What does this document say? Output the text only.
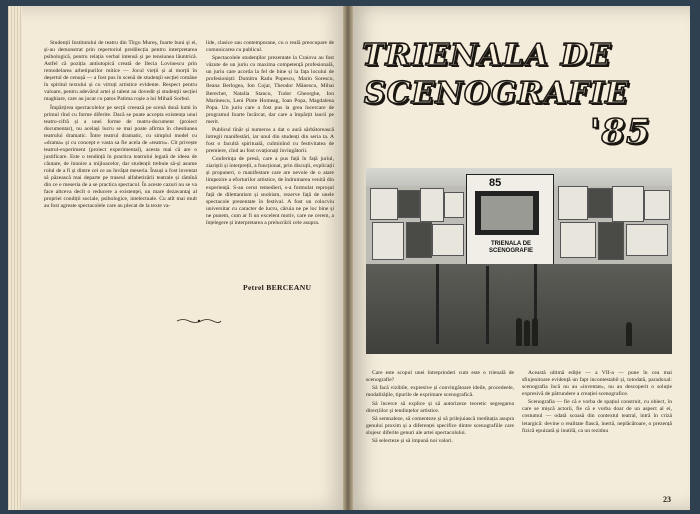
Studenții Institutului de teatru din Tîrgu Mureș, foarte buni și ei, și-au demonstrat prin repertoriul predilecția pentru interpretarea psihologică, pentru relația verbal intensă și pe tensiunea lăuntrică. Astfel că poziția antiutopică creată de Ilecia Lovinescu prin remodelarea arhetipurilor mitice — Jocul vieții și al morții în deșertul de cenușă — a fost pus în scenă de studenții secției române în spiritul textului și cu virtuți artistice evidente. Respect pentru valoare, pentru adevărul artei și talent au dovedit și studenții secției maghiare, care au jucat cu patos Patima roșie a lui Mihail Sorbul.

Împărțirea spectacolelor pe secții creează pe scenă două lumi în primul rînd cu forme diferite. Dacă se poate accepta existența unui teatru-cifră și a unei forme de teatru-document (proiect documentar), nu același lucru se mai poate afirma în chestiunea teatrului dramatic. Între teatrul dramatic, cu simplul model cu «drama» și cu concept e vasta sa fie acela de «teatru». Cît privește teatrul-experiment (proiect experimental), acesta mai că are o justificare. Este o tendință în practica teatrului legată de ideea de căutare, de înnoire a mijloacelor, dar studenții trebuie să-și asume rolul de a fi și dintre cei ce au învățat meseria. Însuși a fost inventat să păzească mai departe pe traseul alfabetizării teatrale și rămînă din ce e meseria de a se practica spectacol. În aceste cazuri nu se va face altceva decît o reducere a existenței, un mare dezavantaj al propriei condiții sociale, psihologice, intelectuale. Cu atît mai mult au fost agreate spectacolele care au plecat de la texte va-

lide, clasice sau contemporane, cu o reală preocupare de comunicarea cu publicul.

Spectacolele studenților prezentate la Craiova au fost văzute de un juriu cu maxima competență profesională, un juriu care acorda la fel de bine și la fața locului de profesioniști: Dumitru Radu Popescu, Marin Sorescu, Ileana Berlogea, Ion Cojar, Theodor Mănescu, Mihai Berechet, Natalia Stancu, Tudor Gheorghe, Ion Marinescu, Leni Pinte Homeag, Ioan Popa, Magdalena Popa. Un juriu care a fost pus la grea încercare de programul foarte încărcat, dar care a împărțit laurii pe merit.

Publicul tînăr și numeros a dat o aură sărbătorească întregii manifestări, iar unul din studenți din seria ta. A fost o facultă spirituală, culminînd cu festivitatea de premiere, cînd au fost ovaționați învingătorii.

Conferința de presă, care a pus față în față juriul, ziariștii și interpreții, a funcționat, prin discuții, explicații și propuneri, o manifestare care are nevoie de o atare limpezire a eforturilor artistice, de îndrumarea venită din experiență. S-au cerut remedieri, s-a formulat reproșul față de dilettantism și snobism, rezerve față de unele spectacole prezentate în festival. A fost un colocviu universitar cu caracter de lucru, căruia ne pe loc bine și ne punem, cum ar fi un excelent motiv, care ne cerem, a înțelegere și interpretarea a prelucrării cele asupra.

Petrel BERCEANU
TRIENALA DE
SCENOGRAFIE
'85
85
TRIENALA DE SCENOGRAFIE

Care este scopul unei întreprinderi cum este o trienală de scenografie?

Să facă vizibile, expresive și convingătoare ideile, procedeele, modalitățile, tipurile de exprimare scenografică.

Să încerce să explice și să autorizeze teoretic segregarea direcțiilor și tendințelor artistice.

Să semnaleze, să comenteze și să prilejuiască meditația asupra genului proxim și a diferenței specifice dintre scenografiile care slujesc diferite genuri ale artei spectacolului.

Să selecteze și să impună noi valori.

Această ultimă ediție — a VII-a — pune în cea mai sfinjenitoare evidență un fapt incontestabil și, totodată, paradoxal: scenografia încă nu au «inventat», nu au descoperit o soluție expresivă de pătrundere a creației scenografice.

Scenografia — fie că e vorba de spațiul construit, cu obiect, în care se mișcă actorii, fie că e vorba doar de un aspect al ei, costumul — odată scoasă din contextul teatral, intră în criză letargică: devine o realitate flască, inertă, neplăcătoare, o prezență fizică epuizată și inutilă, ca un reziduu

23
